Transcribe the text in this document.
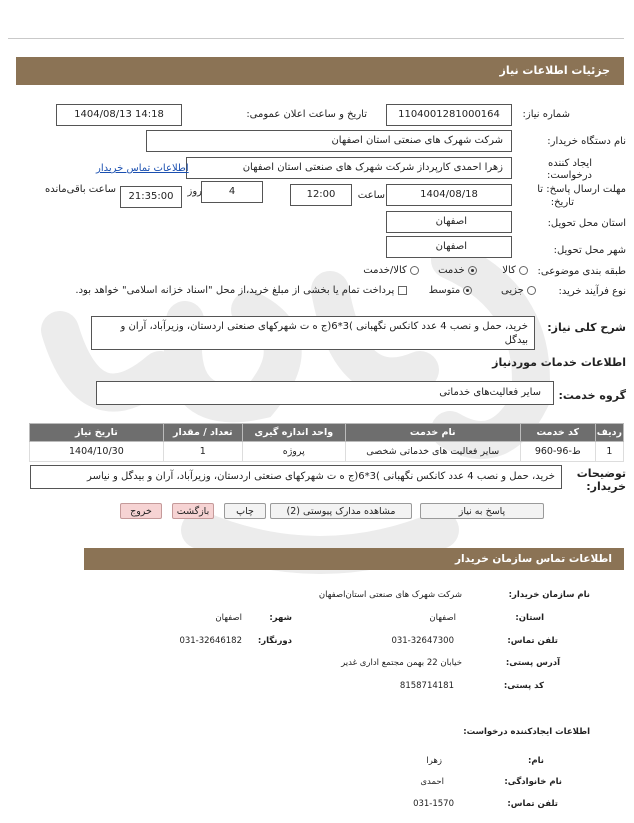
جزئیات اطلاعات نیاز
شماره نیاز:
1104001281000164
تاریخ و ساعت اعلان عمومی:
1404/08/13 14:18
نام دستگاه خریدار:
شرکت شهرک های صنعتی استان اصفهان
ایجاد کننده
درخواست:
زهرا احمدی کارپرداز شرکت شهرک های صنعتی استان اصفهان
اطلاعات تماس خریدار
مهلت ارسال پاسخ: تا
تاریخ:
1404/08/18
ساعت
12:00
4
روز
21:35:00
ساعت باقی‌مانده
استان محل تحویل:
اصفهان
شهر محل تحویل:
اصفهان
طبقه بندی موضوعی:
کالا         خدمت       کالا/خدمت
نوع فرآیند خرید:
جزیی          متوسط        پرداخت تمام یا بخشی از مبلغ خرید،از محل "اسناد خزانه اسلامی" خواهد بود.
شرح کلی نیاز:
خرید، حمل و نصب 4 عدد کانکس نگهبانی )3*6(ج ه ت شهرکهای صنعتی اردستان، وزیرآباد، آران و بیدگل
اطلاعات خدمات موردنیاز
گروه خدمت:
سایر فعالیت‌های خدماتی
ردیف	کد خدمت	نام خدمت	واحد اندازه گیری	تعداد / مقدار	تاریخ نیاز
1	ط-96-960	سایر فعالیت های خدماتی شخصی	پروژه	1	1404/10/30
توضیحات
خریدار:
خرید، حمل و نصب 4 عدد کانکس نگهبانی )3*6(ج ه ت شهرکهای صنعتی اردستان، وزیرآباد، آران و بیدگل و نیاسر
پاسخ به نیاز
مشاهده مدارک پیوستی (2)
چاپ
بازگشت
خروج
اطلاعات تماس سازمان خریدار
نام سازمان خریدار:
شرکت شهرک های صنعتی استان‌اصفهان
استان:
اصفهان
شهر:
اصفهان
تلفن تماس:
031-32647300
دورنگار:
031-32646182
آدرس پستی:
خیابان 22 بهمن مجتمع اداری غدیر
کد پستی:
8158714181
اطلاعات ایجادکننده درخواست:
نام:
زهرا
نام خانوادگی:
احمدی
تلفن تماس:
031-1570
